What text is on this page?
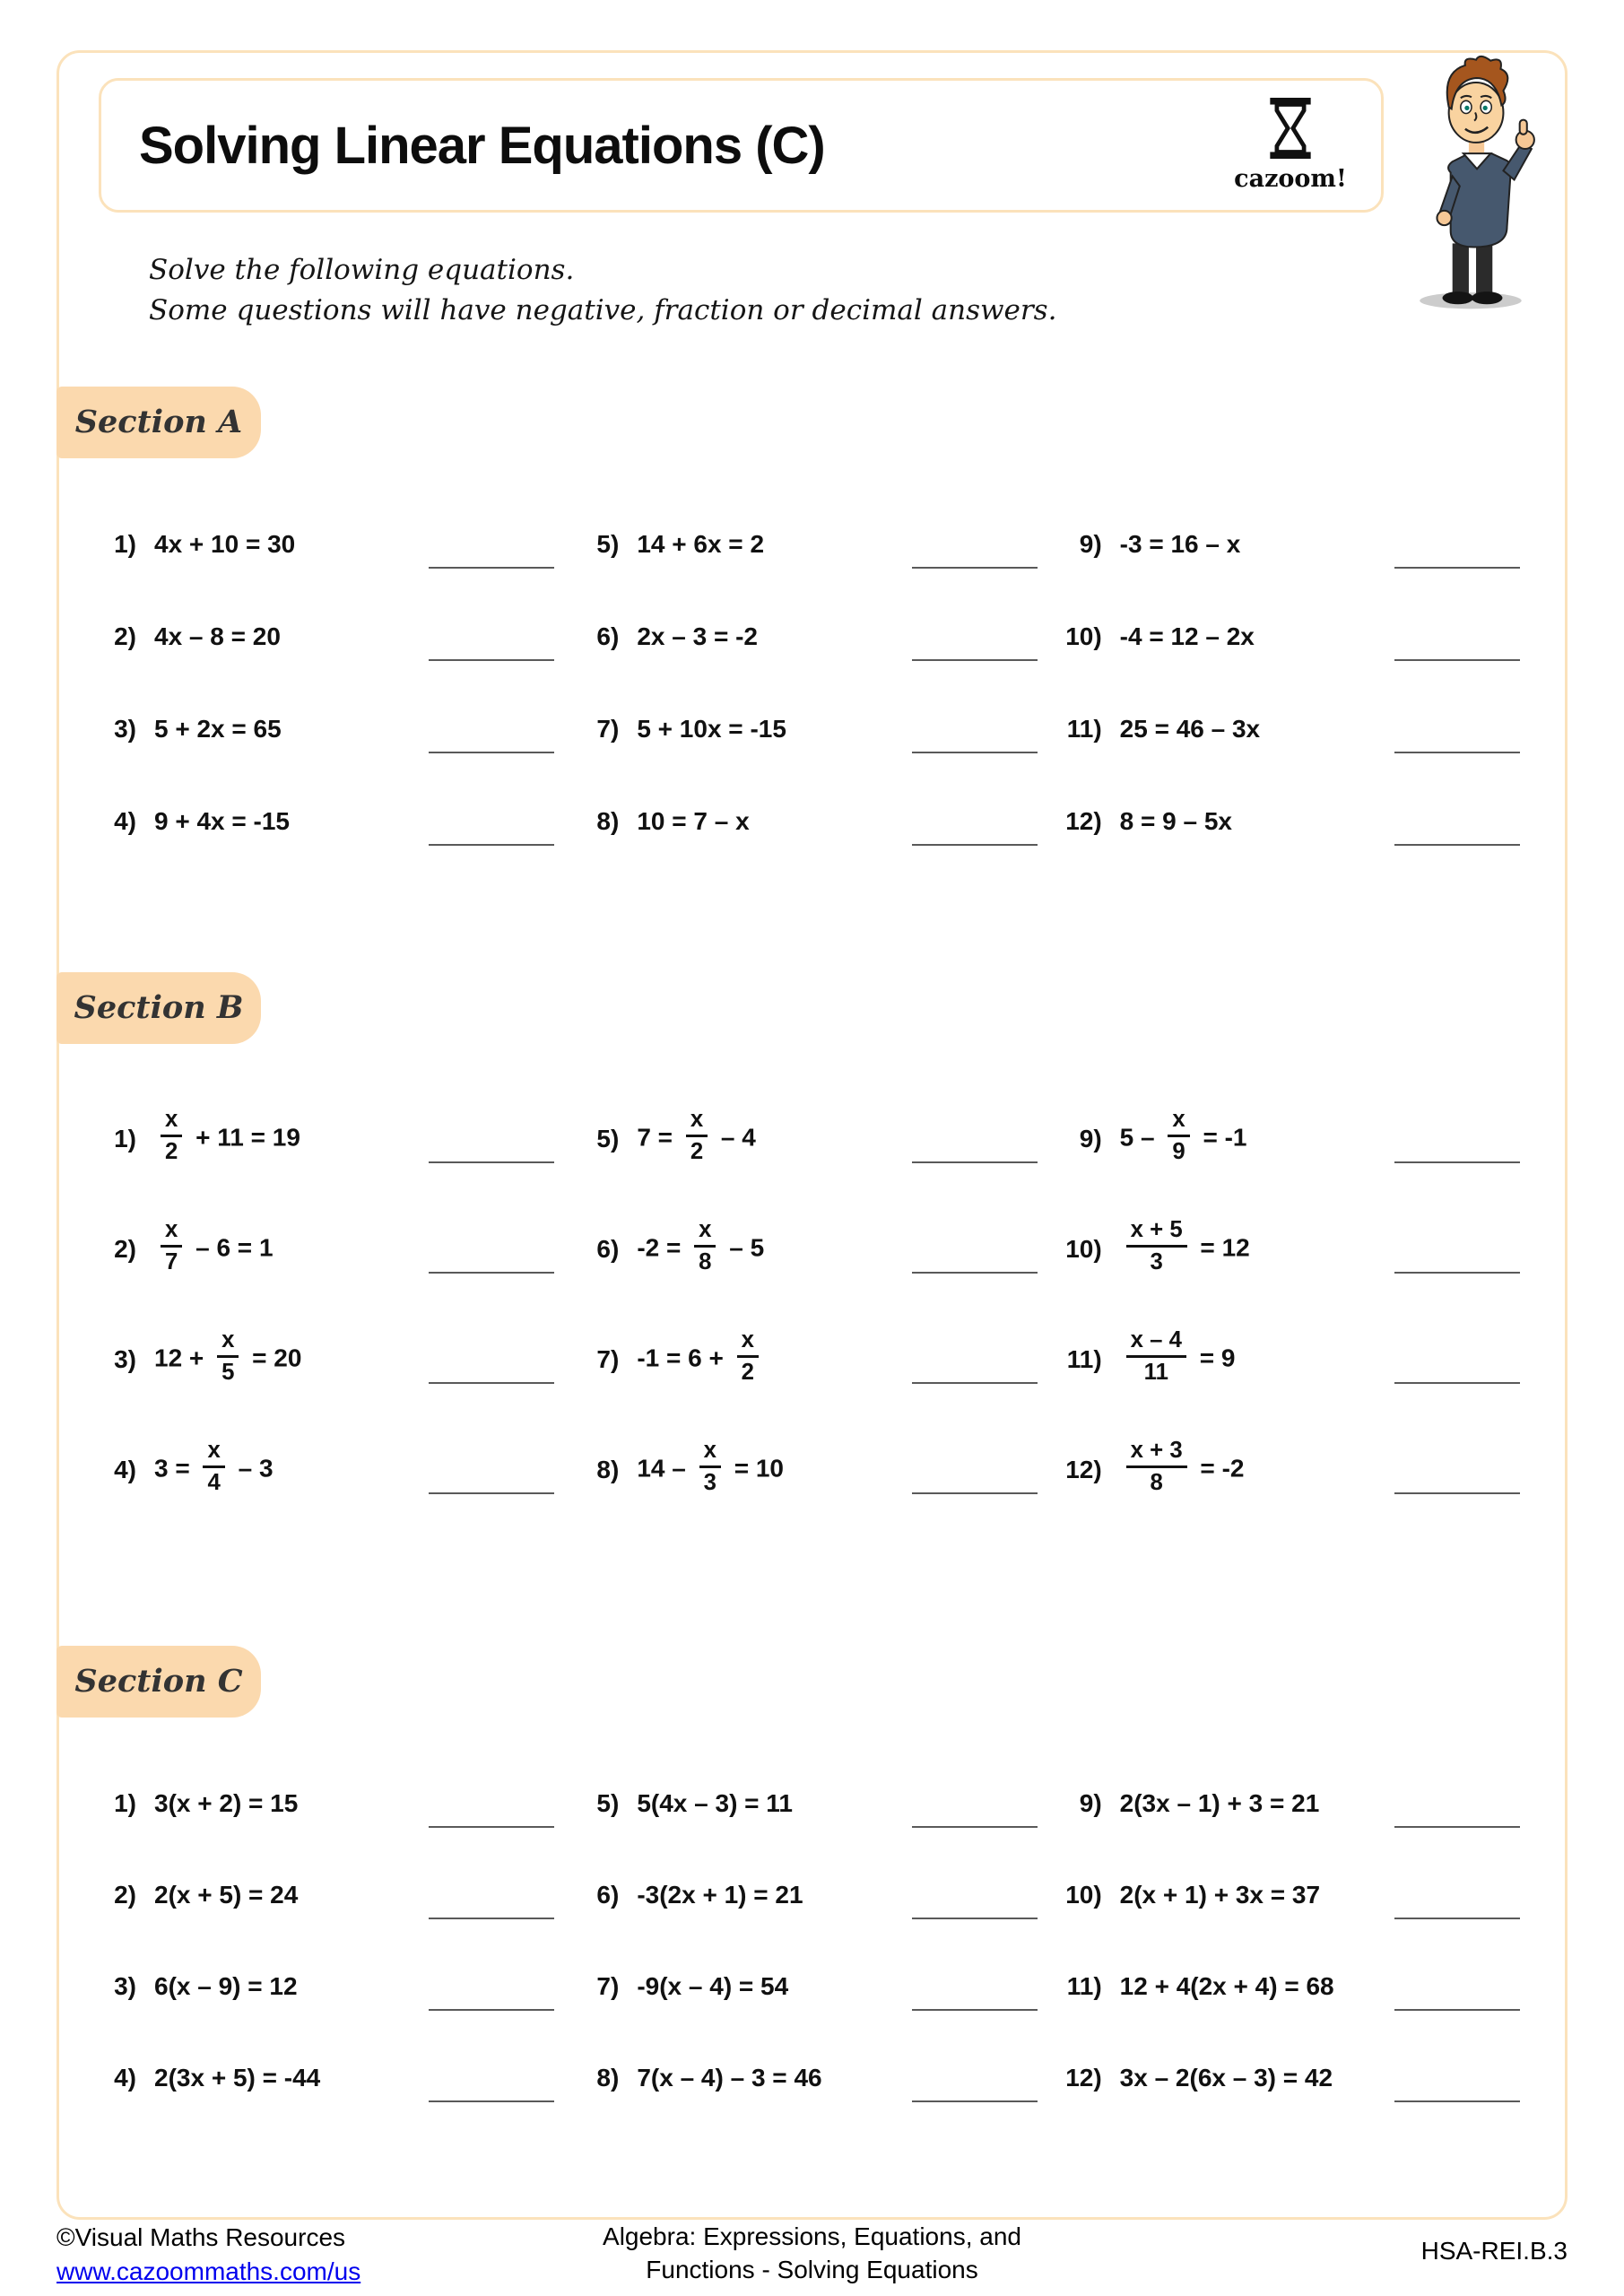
Solving Linear Equations (C)
cazoom!
Solve the following equations.
Some questions will have negative, fraction or decimal answers.
Section A
1) 4x + 10 = 30
2) 4x – 8 = 20
3) 5 + 2x = 65
4) 9 + 4x = -15
5) 14 + 6x = 2
6) 2x – 3 = -2
7) 5 + 10x = -15
8) 10 = 7 – x
9) -3 = 16 – x
10) -4 = 12 – 2x
11) 25 = 46 – 3x
12) 8 = 9 – 5x
Section B
$1) \frac{x}{2} + 11 = 19$
$2) \frac{x}{7} - 6 = 1$
3) $12 + \frac{x}{5} = 20$
4) $3 = \frac{x}{4} - 3$
5) $7 = \frac{x}{2} - 4$
6) $-2 = \frac{x}{8} - 5$
7) $-1 = 6 + \frac{x}{2}$
8) $14 - \frac{x}{3} = 10$
9) $5 - \frac{x}{9} = -1$
$10) \frac{x + 5}{3} = 12$
$11) \frac{x - 4}{11} = 9$
$12) \frac{x + 3}{8} = -2$
Section C
1) 3(x + 2) = 15
2) 2(x + 5) = 24
3) 6(x – 9) = 12
4) 2(3x + 5) = -44
5) 5(4x – 3) = 11
6) -3(2x + 1) = 21
7) -9(x – 4) = 54
8) 7(x – 4) – 3 = 46
9) 2(3x – 1) + 3 = 21
10) 2(x + 1) + 3x = 37
11) 12 + 4(2x + 4) = 68
12) 3x – 2(6x – 3) = 42
©Visual Maths Resources
www.cazoommaths.com/us
Algebra: Expressions, Equations, and
Functions - Solving Equations
HSA-REI.B.3
